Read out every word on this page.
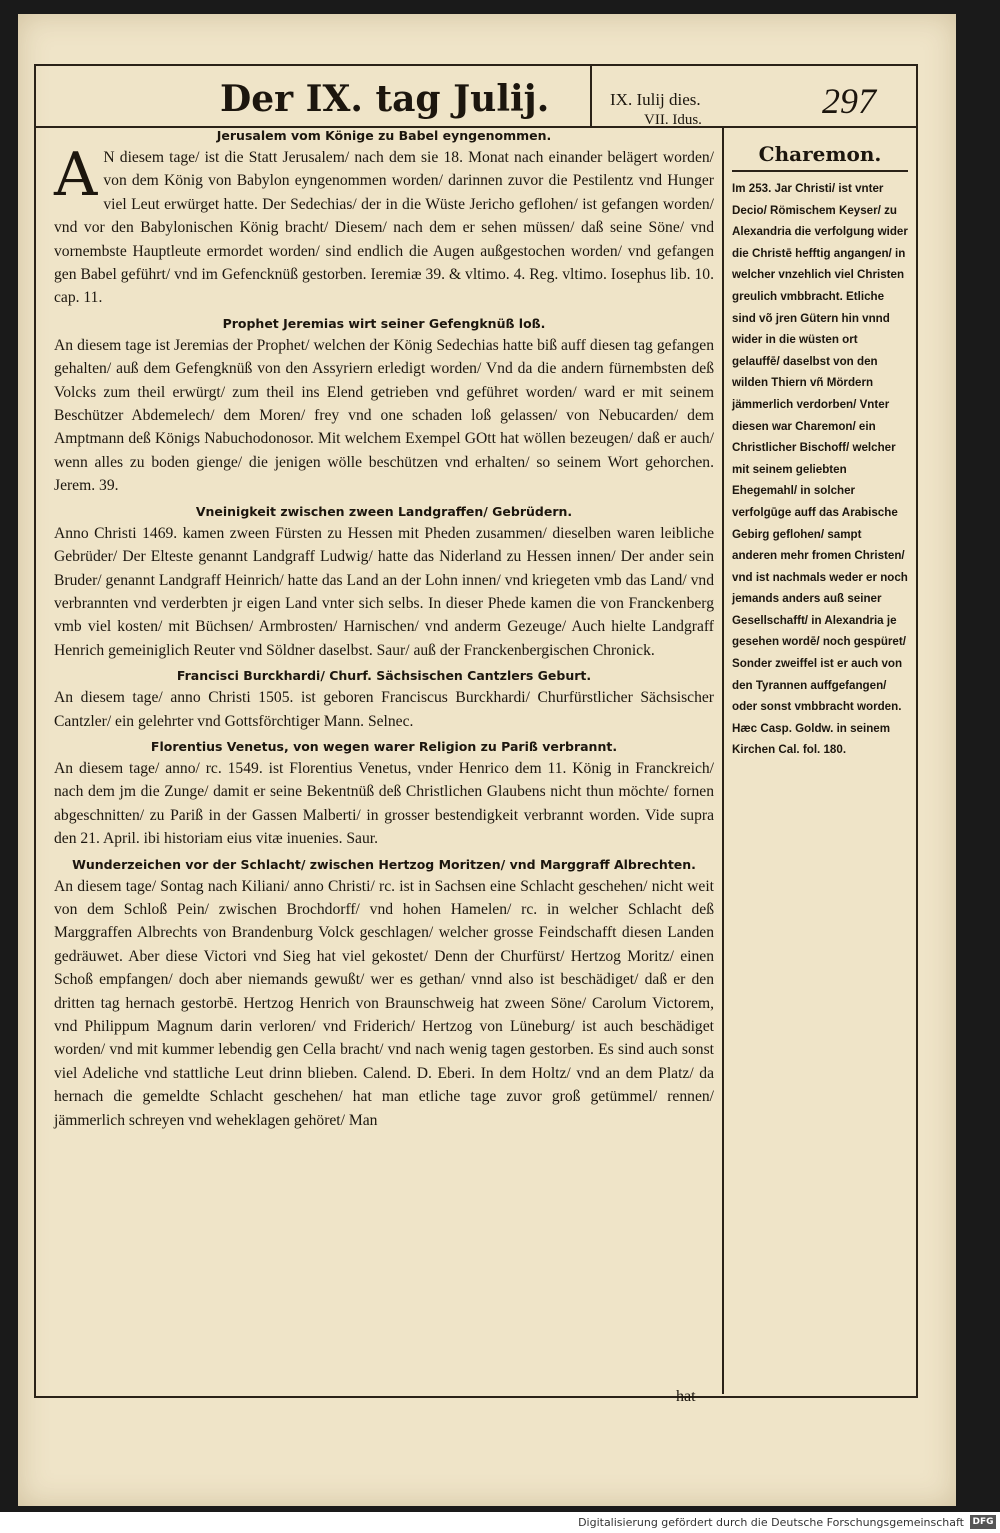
Der IX. tag Julij.	IX. Iulij dies.
VII. Idus.	297

Jerusalem vom Könige zu Babel eyngenommen.

A N diesem tage/ ist die Statt Jerusalem/ nach dem sie 18. Monat nach einander belägert worden/ von dem König von Babylon eyngenommen worden/ darinnen zuvor die Pestilentz vnd Hunger viel Leut erwürget hatte. Der Sedechias/ der in die Wüste Jericho geflohen/ ist gefangen worden/ vnd vor den Babylonischen König bracht/ Diesem/ nach dem er sehen müssen/ daß seine Söne/ vnd vornembste Hauptleute ermordet worden/ sind endlich die Augen außgestochen worden/ vnd gefangen gen Babel geführt/ vnd im Gefencknüß gestorben. Ieremiæ 39. & vltimo. 4. Reg. vltimo. Iosephus lib. 10. cap. 11.

Prophet Jeremias wirt seiner Gefengknüß loß.

An diesem tage ist Jeremias der Prophet/ welchen der König Sedechias hatte biß auff diesen tag gefangen gehalten/ auß dem Gefengknüß von den Assyriern erledigt worden/ Vnd da die andern fürnembsten deß Volcks zum theil erwürgt/ zum theil ins Elend getrieben vnd geführet worden/ ward er mit seinem Beschützer Abdemelech/ dem Moren/ frey vnd one schaden loß gelassen/ von Nebucarden/ dem Amptmann deß Königs Nabuchodonosor. Mit welchem Exempel GOtt hat wöllen bezeugen/ daß er auch/ wenn alles zu boden gienge/ die jenigen wölle beschützen vnd erhalten/ so seinem Wort gehorchen. Jerem. 39.

Vneinigkeit zwischen zween Landgraffen/ Gebrüdern.

Anno Christi 1469. kamen zween Fürsten zu Hessen mit Pheden zusammen/ dieselben waren leibliche Gebrüder/ Der Elteste genannt Landgraff Ludwig/ hatte das Niderland zu Hessen innen/ Der ander sein Bruder/ genannt Landgraff Heinrich/ hatte das Land an der Lohn innen/ vnd kriegeten vmb das Land/ vnd verbrannten vnd verderbten jr eigen Land vnter sich selbs. In dieser Phede kamen die von Franckenberg vmb viel kosten/ mit Büchsen/ Armbrosten/ Harnischen/ vnd anderm Gezeuge/ Auch hielte Landgraff Henrich gemeiniglich Reuter vnd Söldner daselbst. Saur/ auß der Franckenbergischen Chronick.

Francisci Burckhardi/ Churf. Sächsischen Cantzlers Geburt.

An diesem tage/ anno Christi 1505. ist geboren Franciscus Burckhardi/ Churfürstlicher Sächsischer Cantzler/ ein gelehrter vnd Gottsförchtiger Mann. Selnec.

Florentius Venetus, von wegen warer Religion zu Pariß verbrannt.

An diesem tage/ anno/ rc. 1549. ist Florentius Venetus, vnder Henrico dem 11. König in Franckreich/ nach dem jm die Zunge/ damit er seine Bekentnüß deß Christlichen Glaubens nicht thun möchte/ fornen abgeschnitten/ zu Pariß in der Gassen Malberti/ in grosser bestendigkeit verbrannt worden. Vide supra den 21. April. ibi historiam eius vitæ inuenies. Saur.

Wunderzeichen vor der Schlacht/ zwischen Hertzog Moritzen/ vnd Marggraff Albrechten.

An diesem tage/ Sontag nach Kiliani/ anno Christi/ rc. ist in Sachsen eine Schlacht geschehen/ nicht weit von dem Schloß Pein/ zwischen Brochdorff/ vnd hohen Hamelen/ rc. in welcher Schlacht deß Marggraffen Albrechts von Brandenburg Volck geschlagen/ welcher grosse Feindschafft diesen Landen gedräuwet. Aber diese Victori vnd Sieg hat viel gekostet/ Denn der Churfürst/ Hertzog Moritz/ einen Schoß empfangen/ doch aber niemands gewußt/ wer es gethan/ vnnd also ist beschädiget/ daß er den dritten tag hernach gestorbē. Hertzog Henrich von Braunschweig hat zween Söne/ Carolum Victorem, vnd Philippum Magnum darin verloren/ vnd Friderich/ Hertzog von Lüneburg/ ist auch beschädiget worden/ vnd mit kummer lebendig gen Cella bracht/ vnd nach wenig tagen gestorben. Es sind auch sonst viel Adeliche vnd stattliche Leut drinn blieben. Calend. D. Eberi. In dem Holtz/ vnd an dem Platz/ da hernach die gemeldte Schlacht geschehen/ hat man etliche tage zuvor groß getümmel/ rennen/ jämmerlich schreyen vnd weheklagen gehöret/ Man

Charemon.

Im 253. Jar Christi/ ist vnter Decio/ Römischem Keyser/ zu Alexandria die verfolgung wider die Christē hefftig angangen/ in welcher vnzehlich viel Christen greulich vmbbracht. Etliche sind võ jren Gütern hin vnnd wider in die wüsten ort gelauffē/ daselbst von den wilden Thiern vñ Mördern jämmerlich verdorben/ Vnter diesen war Charemon/ ein Christlicher Bischoff/ welcher mit seinem geliebten Ehegemahl/ in solcher verfolgūge auff das Arabische Gebirg geflohen/ sampt anderen mehr fromen Christen/ vnd ist nachmals weder er noch jemands anders auß seiner Gesellschafft/ in Alexandria je gesehen wordē/ noch gespüret/ Sonder zweiffel ist er auch von den Tyrannen auffgefangen/ oder sonst vmbbracht worden. Hæc Casp. Goldw. in seinem Kirchen Cal. fol. 180.

hat
Digitalisierung gefördert durch die Deutsche Forschungsgemeinschaft DFG
